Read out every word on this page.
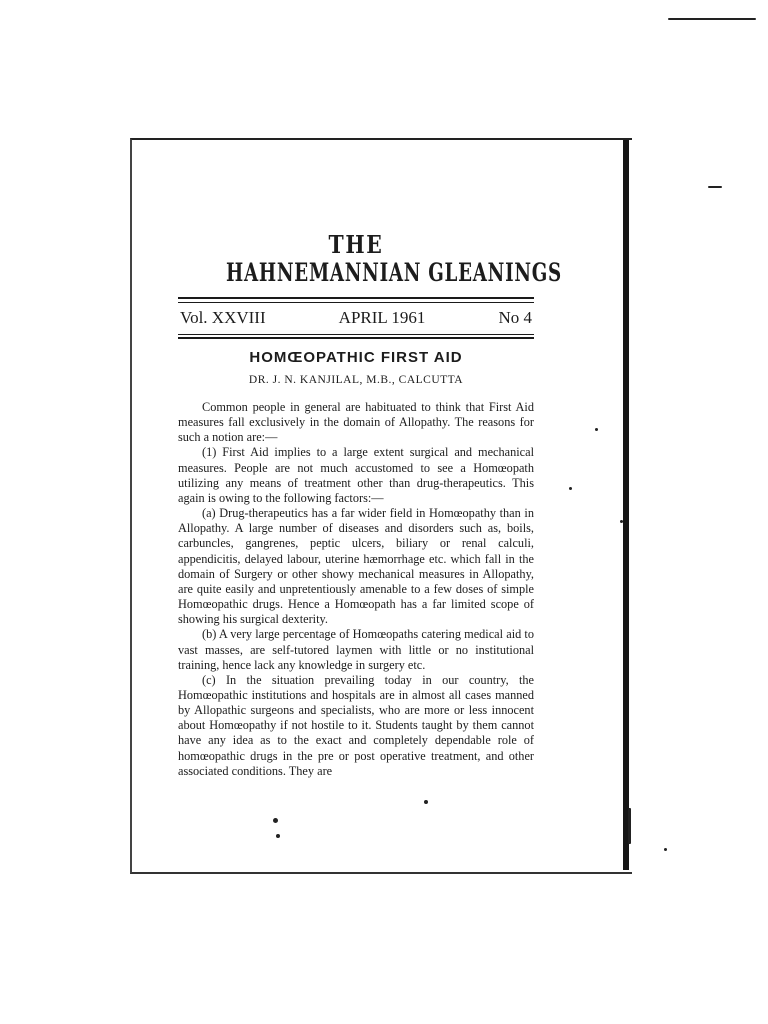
THE
HAHNEMANNIAN GLEANINGS
Vol. XXVIII	APRIL 1961	No 4
HOMŒOPATHIC FIRST AID
DR. J. N. KANJILAL, M.B., CALCUTTA

Common people in general are habituated to think that First Aid measures fall exclusively in the domain of Allopathy. The reasons for such a notion are:—

(1) First Aid implies to a large extent surgical and mechanical measures. People are not much accustomed to see a Homœopath utilizing any means of treatment other than drug-therapeutics. This again is owing to the following factors:—

(a) Drug-therapeutics has a far wider field in Homœopathy than in Allopathy. A large number of diseases and disorders such as, boils, carbuncles, gangrenes, peptic ulcers, biliary or renal calculi, appendicitis, delayed labour, uterine hæmorrhage etc. which fall in the domain of Surgery or other showy mechanical measures in Allopathy, are quite easily and unpretentiously amenable to a few doses of simple Homœopathic drugs. Hence a Homœopath has a far limited scope of showing his surgical dexterity.

(b) A very large percentage of Homœopaths catering medical aid to vast masses, are self-tutored laymen with little or no institutional training, hence lack any knowledge in surgery etc.

(c) In the situation prevailing today in our country, the Homœopathic institutions and hospitals are in almost all cases manned by Allopathic surgeons and specialists, who are more or less innocent about Homœopathy if not hostile to it. Students taught by them cannot have any idea as to the exact and completely dependable role of homœopathic drugs in the pre or post operative treatment, and other associated conditions. They are
